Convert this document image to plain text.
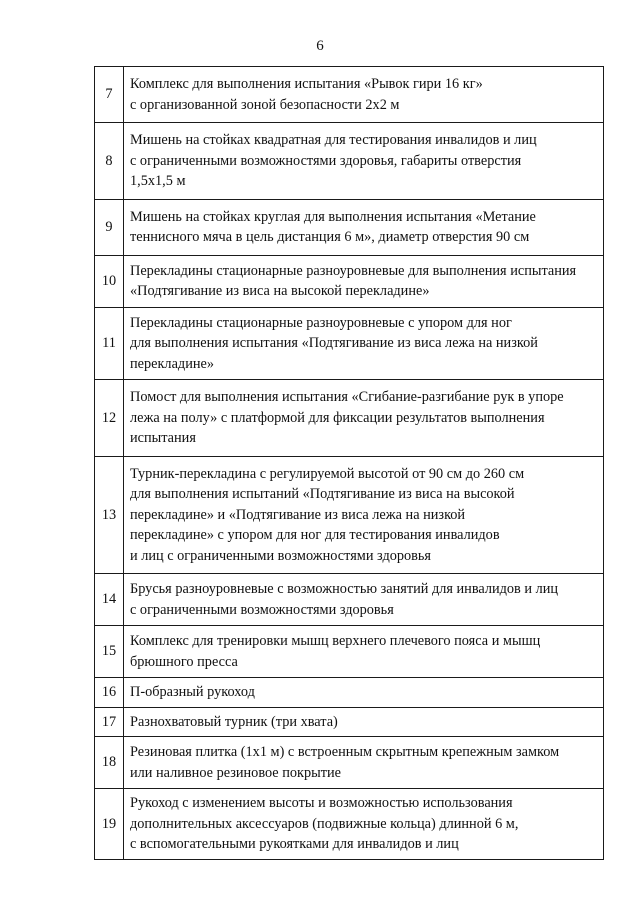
6
7	Комплекс для выполнения испытания «Рывок гири 16 кг»
с организованной зоной безопасности 2х2 м

8	Мишень на стойках квадратная для тестирования инвалидов и лиц
с ограниченными возможностями здоровья, габариты отверстия
1,5х1,5 м

9	Мишень на стойках круглая для выполнения испытания «Метание
теннисного мяча в цель дистанция 6 м», диаметр отверстия 90 см

10	Перекладины стационарные разноуровневые для выполнения испытания
«Подтягивание из виса на высокой перекладине»

11	Перекладины стационарные разноуровневые с упором для ног
для выполнения испытания «Подтягивание из виса лежа на низкой
перекладине»

12	Помост для выполнения испытания «Сгибание-разгибание рук в упоре
лежа на полу» с платформой для фиксации результатов выполнения
испытания

13	Турник-перекладина с регулируемой высотой от 90 см до 260 см
для выполнения испытаний «Подтягивание из виса на высокой
перекладине» и «Подтягивание из виса лежа на низкой
перекладине» с упором для ног для тестирования инвалидов
и лиц с ограниченными возможностями здоровья

14	Брусья разноуровневые с возможностью занятий для инвалидов и лиц
с ограниченными возможностями здоровья

15	Комплекс для тренировки мышц верхнего плечевого пояса и мышц
брюшного пресса

16	П-образный рукоход

17	Разнохватовый турник (три хвата)

18	Резиновая плитка (1х1 м) с встроенным скрытным крепежным замком
или наливное резиновое покрытие

19	Рукоход с изменением высоты и возможностью использования
дополнительных аксессуаров (подвижные кольца) длинной 6 м,
с вспомогательными рукоятками для инвалидов и лиц
